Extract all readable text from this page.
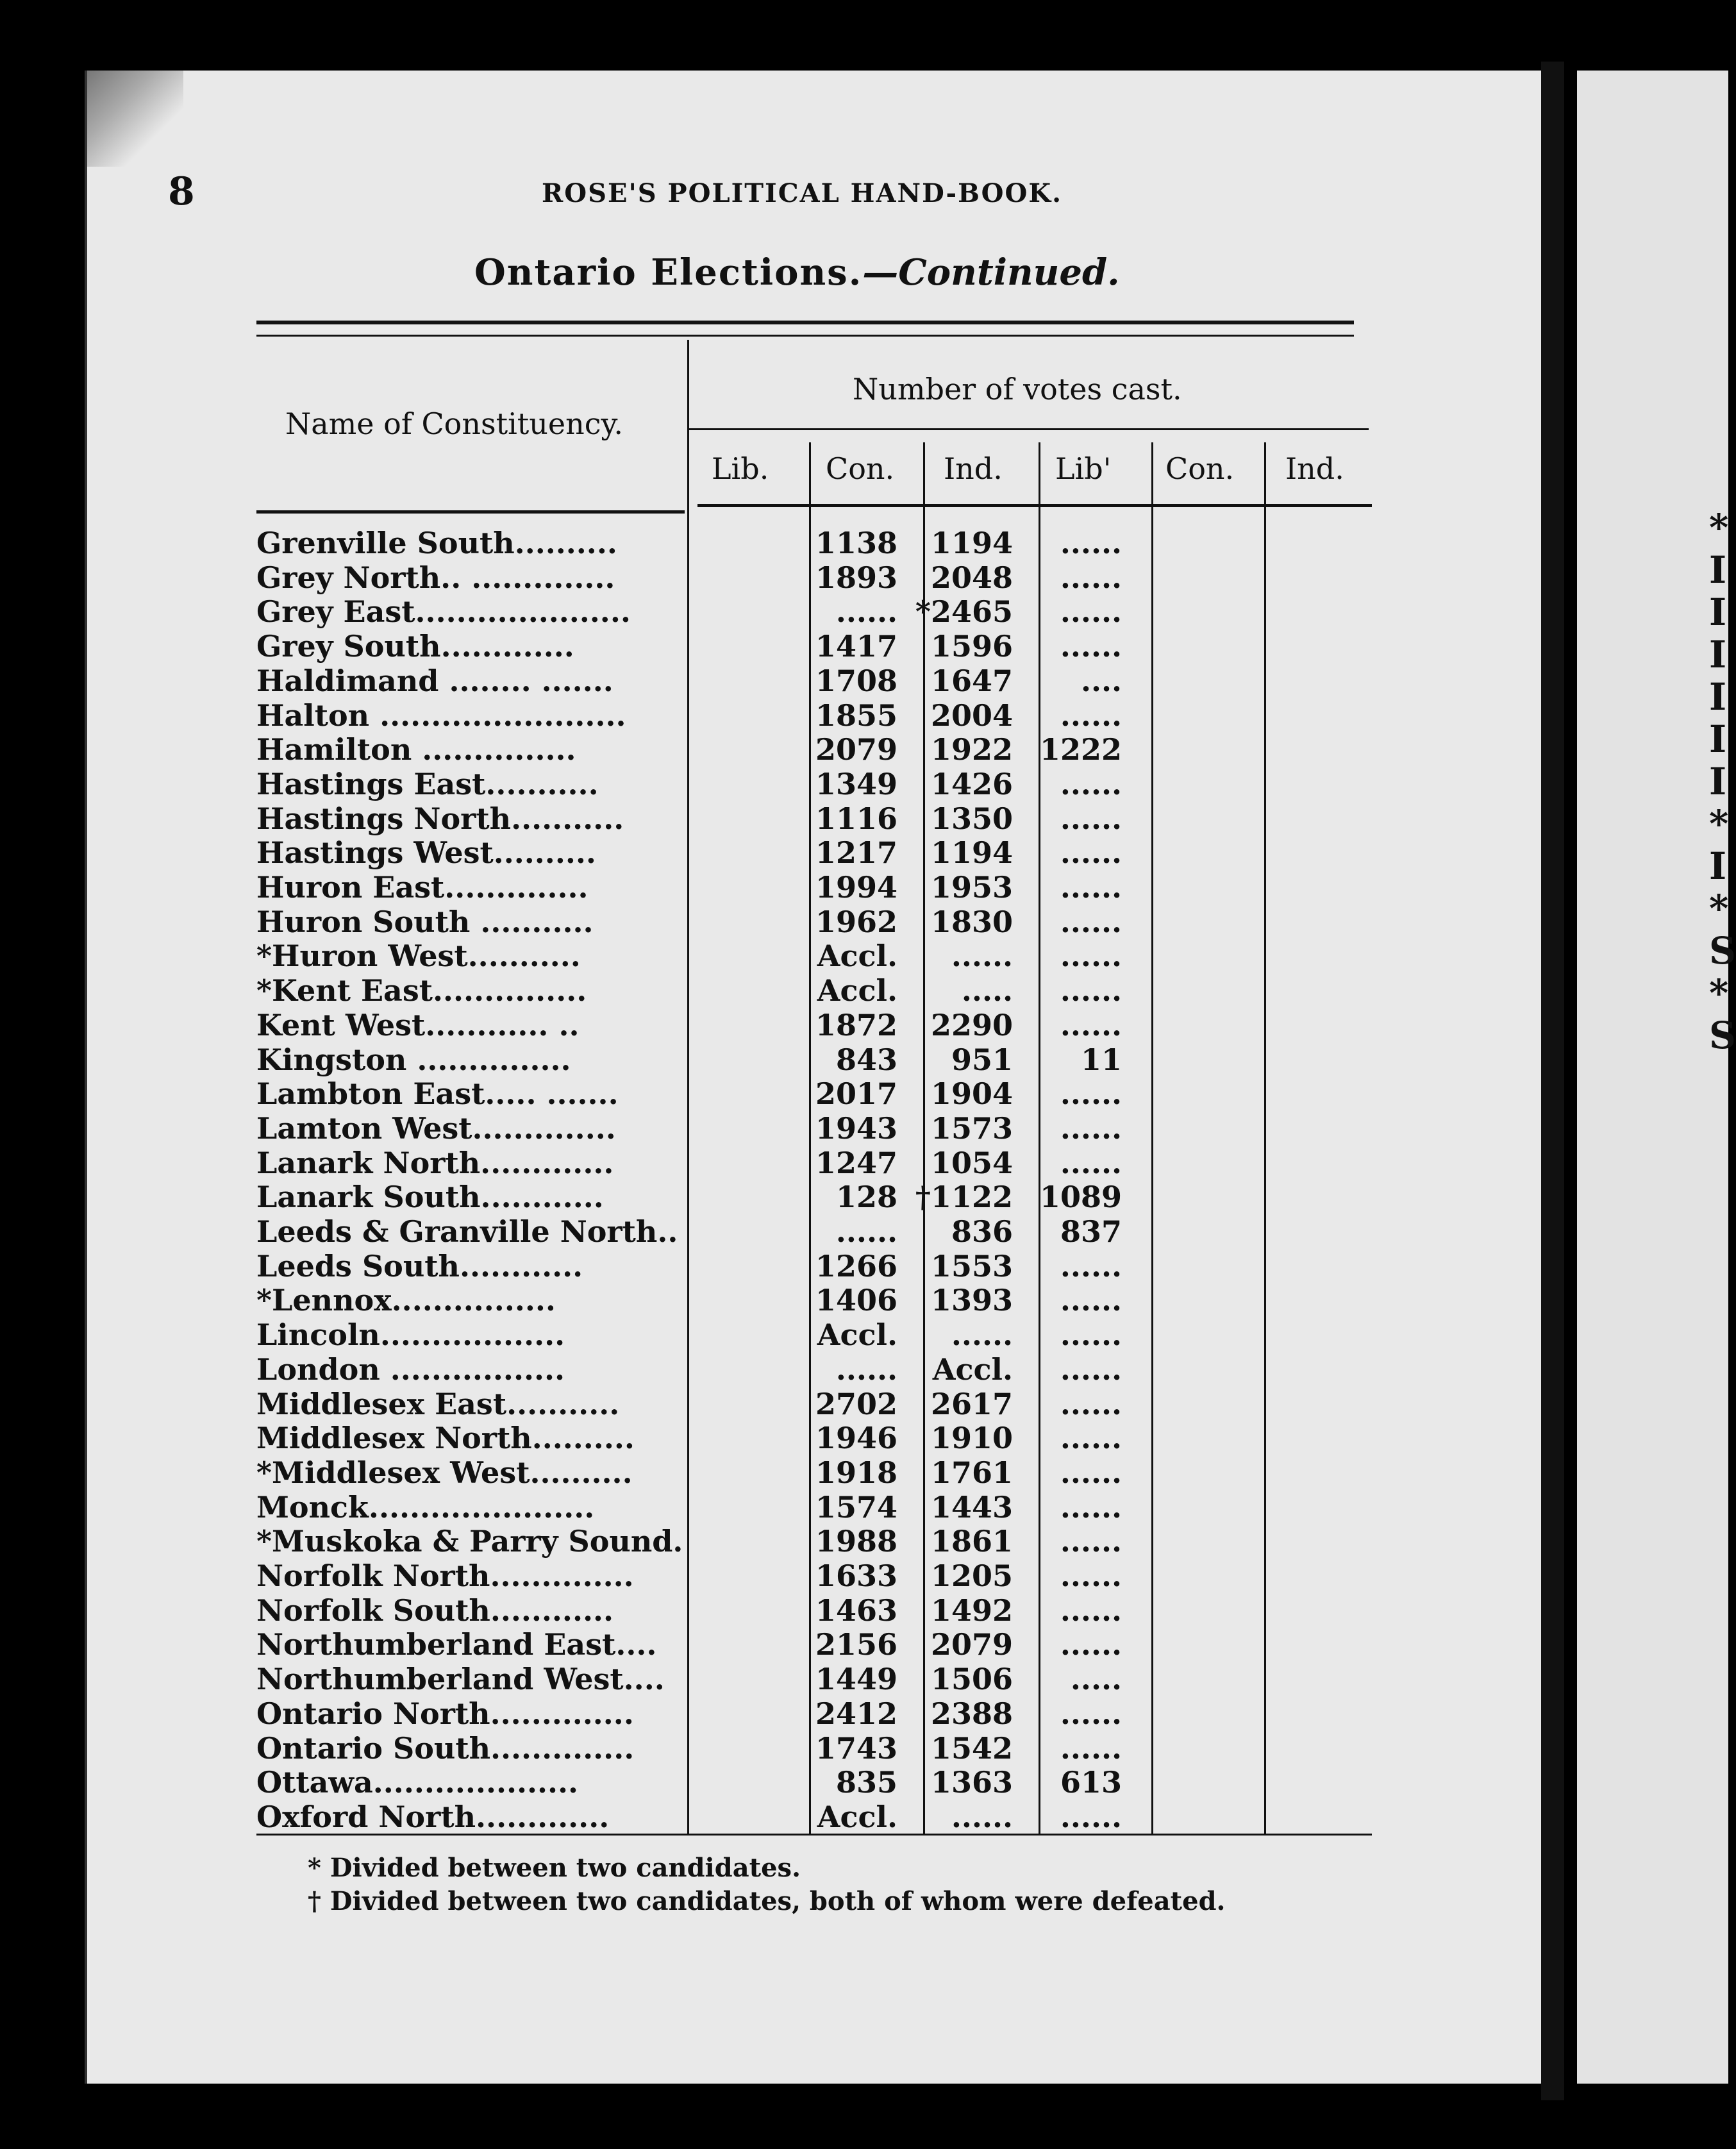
* I I I I I I * I * S * S
8	ROSE'S POLITICAL HAND-BOOK.
Ontario Elections.—Continued.
Name of Constituency.
Number of votes cast.
Lib. Con. Ind. Lib' Con. Ind.
Grenville South..........	1138	1194	......
Grey North.. ..............	1893	2048	......
Grey East.....................	...... *2465	......
Grey South.............	1417	1596	......
Haldimand ........ .......	1708	1647	....
Halton ........................	1855	2004	......
Hamilton ...............	2079	1922 1222
Hastings East...........	1349	1426	......
Hastings North...........	1116	1350	......
Hastings West..........	1217	1194	......
Huron East..............	1994	1953	......
Huron South ...........	1962	1830	......
*Huron West...........	Accl.	......	......
*Kent East...............	Accl.	.....	......
Kent West............ ..	1872	2290	......
Kingston ...............	843	951	11
Lambton East..... .......	2017	1904	......
Lamton West..............	1943	1573	......
Lanark North.............	1247	1054	......
Lanark South............	128 †1122 1089
Leeds & Granville North..	......	836	837
Leeds South............	1266	1553	......
*Lennox................	1406	1393	......
Lincoln..................	Accl.	......	......
London .................	......	Accl.	......
Middlesex East...........	2702	2617	......
Middlesex North..........	1946	1910	......
*Middlesex West..........	1918	1761	......
Monck......................	1574	1443	......
*Muskoka & Parry Sound.	1988	1861	......
Norfolk North..............	1633	1205	......
Norfolk South............	1463	1492	......
Northumberland East....	2156	2079	......
Northumberland West....	1449	1506	.....
Ontario North..............	2412	2388	......
Ontario South..............	1743	1542	......
Ottawa....................	835	1363	613
Oxford North.............	Accl.	......	......
* Divided between two candidates.
† Divided between two candidates, both of whom were defeated.
